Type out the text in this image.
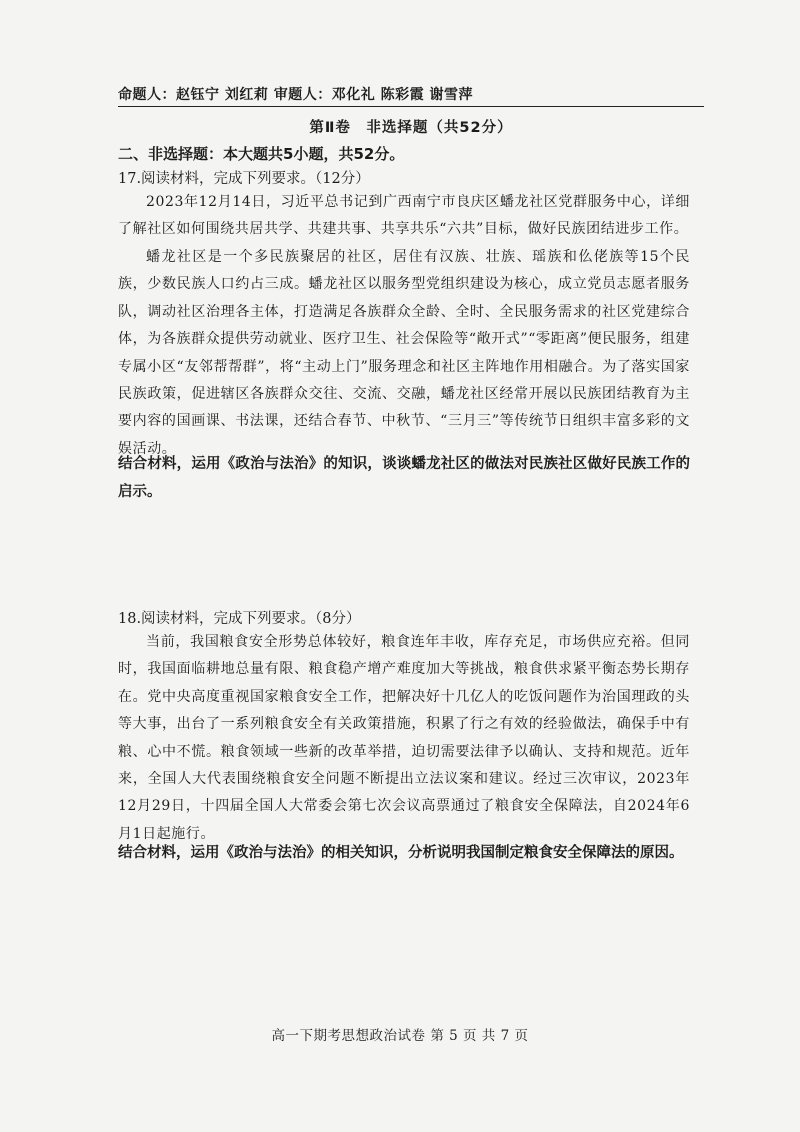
命题人：赵钰宁 刘红莉 审题人：邓化礼 陈彩霞 谢雪萍
第Ⅱ卷　非选择题（共52分）
二、非选择题：本大题共5小题，共52分。
17.阅读材料，完成下列要求。（12分）

2023年12月14日，习近平总书记到广西南宁市良庆区蟠龙社区党群服务中心，详细了解社区如何围绕共居共学、共建共事、共享共乐“六共”目标，做好民族团结进步工作。

蟠龙社区是一个多民族聚居的社区，居住有汉族、壮族、瑶族和仫佬族等15个民族，少数民族人口约占三成。蟠龙社区以服务型党组织建设为核心，成立党员志愿者服务队，调动社区治理各主体，打造满足各族群众全龄、全时、全民服务需求的社区党建综合体，为各族群众提供劳动就业、医疗卫生、社会保险等“敞开式”“零距离”便民服务，组建专属小区“友邻帮帮群”，将“主动上门”服务理念和社区主阵地作用相融合。为了落实国家民族政策，促进辖区各族群众交往、交流、交融，蟠龙社区经常开展以民族团结教育为主要内容的国画课、书法课，还结合春节、中秋节、“三月三”等传统节日组织丰富多彩的文娱活动。

结合材料，运用《政治与法治》的知识，谈谈蟠龙社区的做法对民族社区做好民族工作的启示。

18.阅读材料，完成下列要求。（8分）

当前，我国粮食安全形势总体较好，粮食连年丰收，库存充足，市场供应充裕。但同时，我国面临耕地总量有限、粮食稳产增产难度加大等挑战，粮食供求紧平衡态势长期存在。党中央高度重视国家粮食安全工作，把解决好十几亿人的吃饭问题作为治国理政的头等大事，出台了一系列粮食安全有关政策措施，积累了行之有效的经验做法，确保手中有粮、心中不慌。粮食领域一些新的改革举措，迫切需要法律予以确认、支持和规范。近年来，全国人大代表围绕粮食安全问题不断提出立法议案和建议。经过三次审议，2023年12月29日，十四届全国人大常委会第七次会议高票通过了粮食安全保障法，自2024年6月1日起施行。

结合材料，运用《政治与法治》的相关知识，分析说明我国制定粮食安全保障法的原因。

高一下期考思想政治试卷 第 5 页 共 7 页
